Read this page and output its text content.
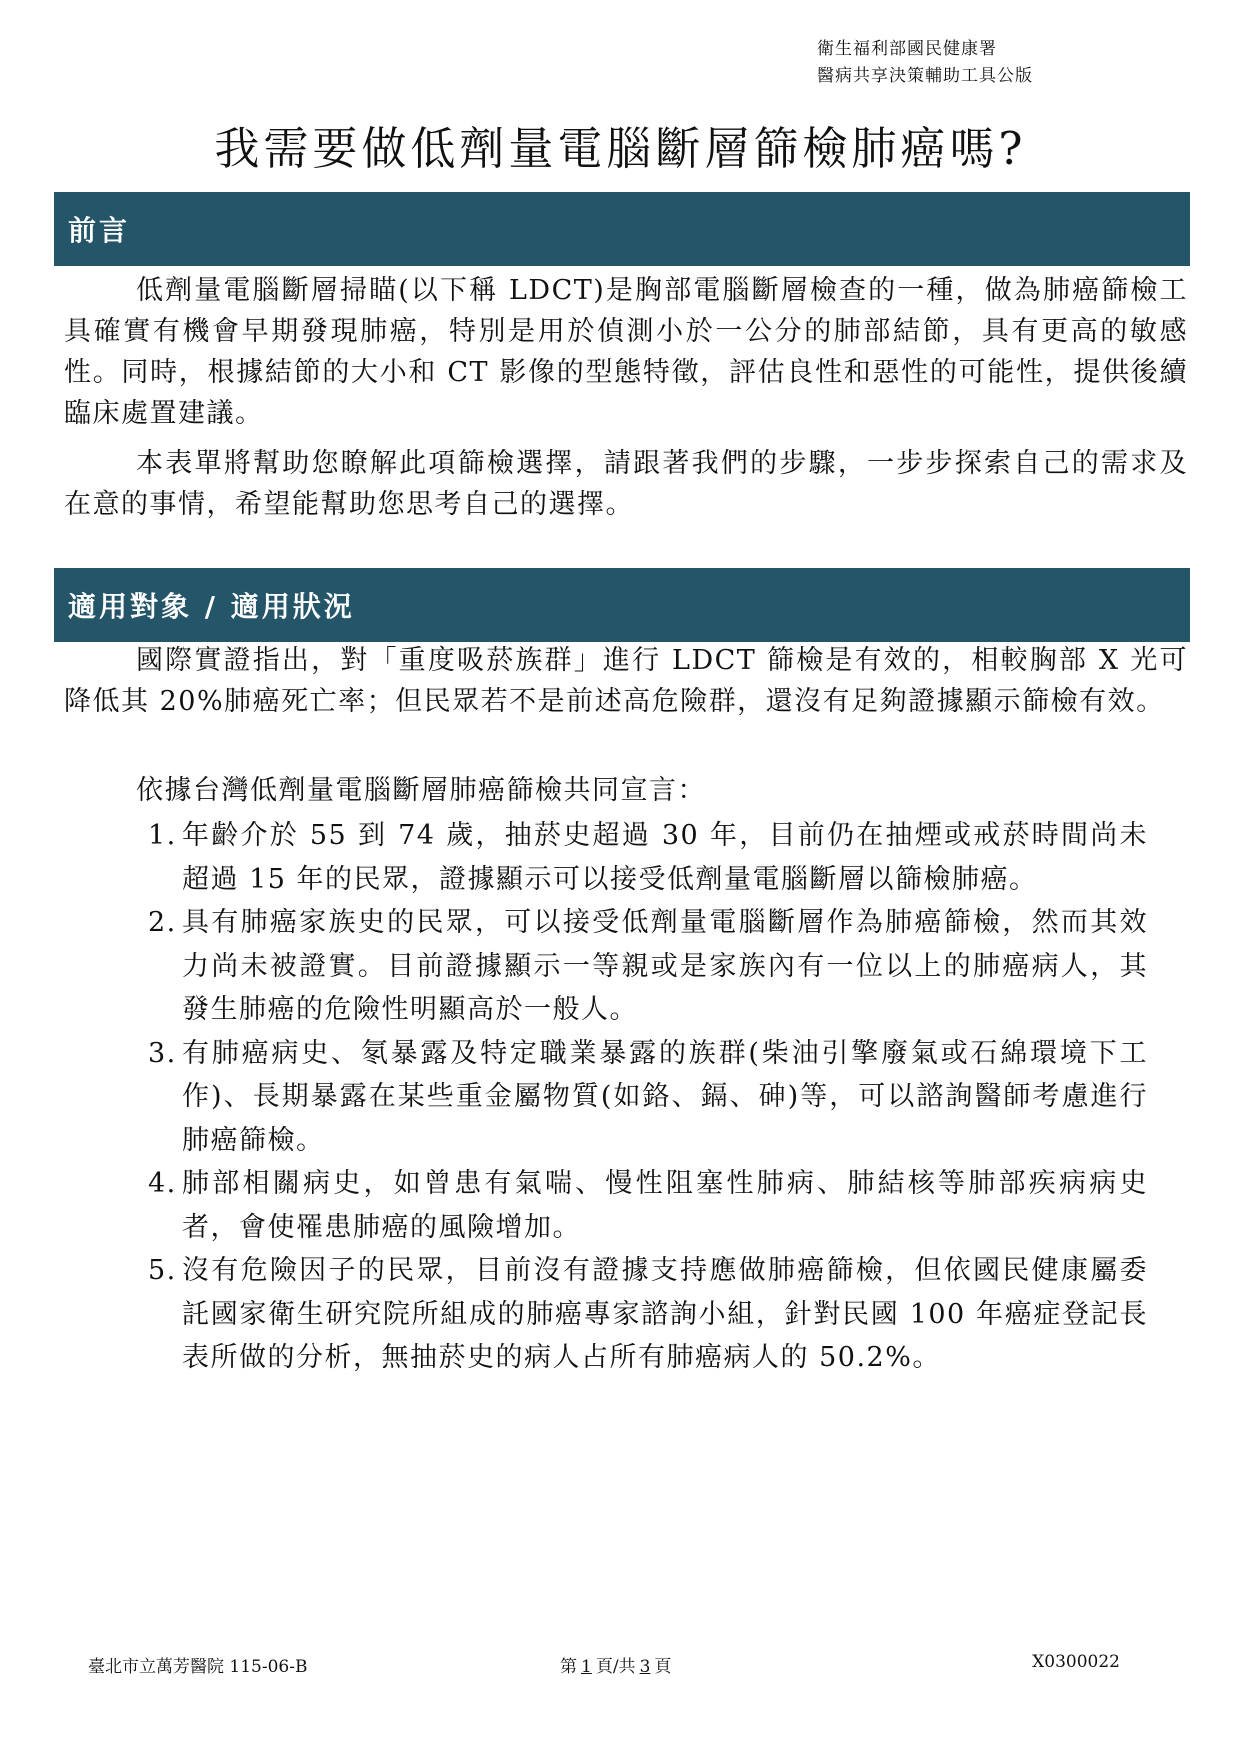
衛生福利部國民健康署
醫病共享決策輔助工具公版
我需要做低劑量電腦斷層篩檢肺癌嗎?
前言

低劑量電腦斷層掃瞄(以下稱 LDCT)是胸部電腦斷層檢查的一種，做為肺癌篩檢工具確實有機會早期發現肺癌，特別是用於偵測小於一公分的肺部結節，具有更高的敏感性。同時，根據結節的大小和 CT 影像的型態特徵，評估良性和惡性的可能性，提供後續臨床處置建議。

本表單將幫助您瞭解此項篩檢選擇，請跟著我們的步驟，一步步探索自己的需求及在意的事情，希望能幫助您思考自己的選擇。

適用對象 / 適用狀況

國際實證指出，對「重度吸菸族群」進行 LDCT 篩檢是有效的，相較胸部 X 光可降低其 20%肺癌死亡率；但民眾若不是前述高危險群，還沒有足夠證據顯示篩檢有效。

依據台灣低劑量電腦斷層肺癌篩檢共同宣言：

1. 年齡介於 55 到 74 歲，抽菸史超過 30 年，目前仍在抽煙或戒菸時間尚未超過 15 年的民眾，證據顯示可以接受低劑量電腦斷層以篩檢肺癌。
2. 具有肺癌家族史的民眾，可以接受低劑量電腦斷層作為肺癌篩檢，然而其效力尚未被證實。目前證據顯示一等親或是家族內有一位以上的肺癌病人，其發生肺癌的危險性明顯高於一般人。
3. 有肺癌病史、氡暴露及特定職業暴露的族群(柴油引擎廢氣或石綿環境下工作)、長期暴露在某些重金屬物質(如鉻、鎘、砷)等，可以諮詢醫師考慮進行肺癌篩檢。
4. 肺部相關病史，如曾患有氣喘、慢性阻塞性肺病、肺結核等肺部疾病病史者，會使罹患肺癌的風險增加。
5. 沒有危險因子的民眾，目前沒有證據支持應做肺癌篩檢，但依國民健康屬委託國家衛生研究院所組成的肺癌專家諮詢小組，針對民國 100 年癌症登記長表所做的分析，無抽菸史的病人占所有肺癌病人的 50.2%。
臺北市立萬芳醫院 115-06-B	第 1 頁/共 3 頁	X0300022
